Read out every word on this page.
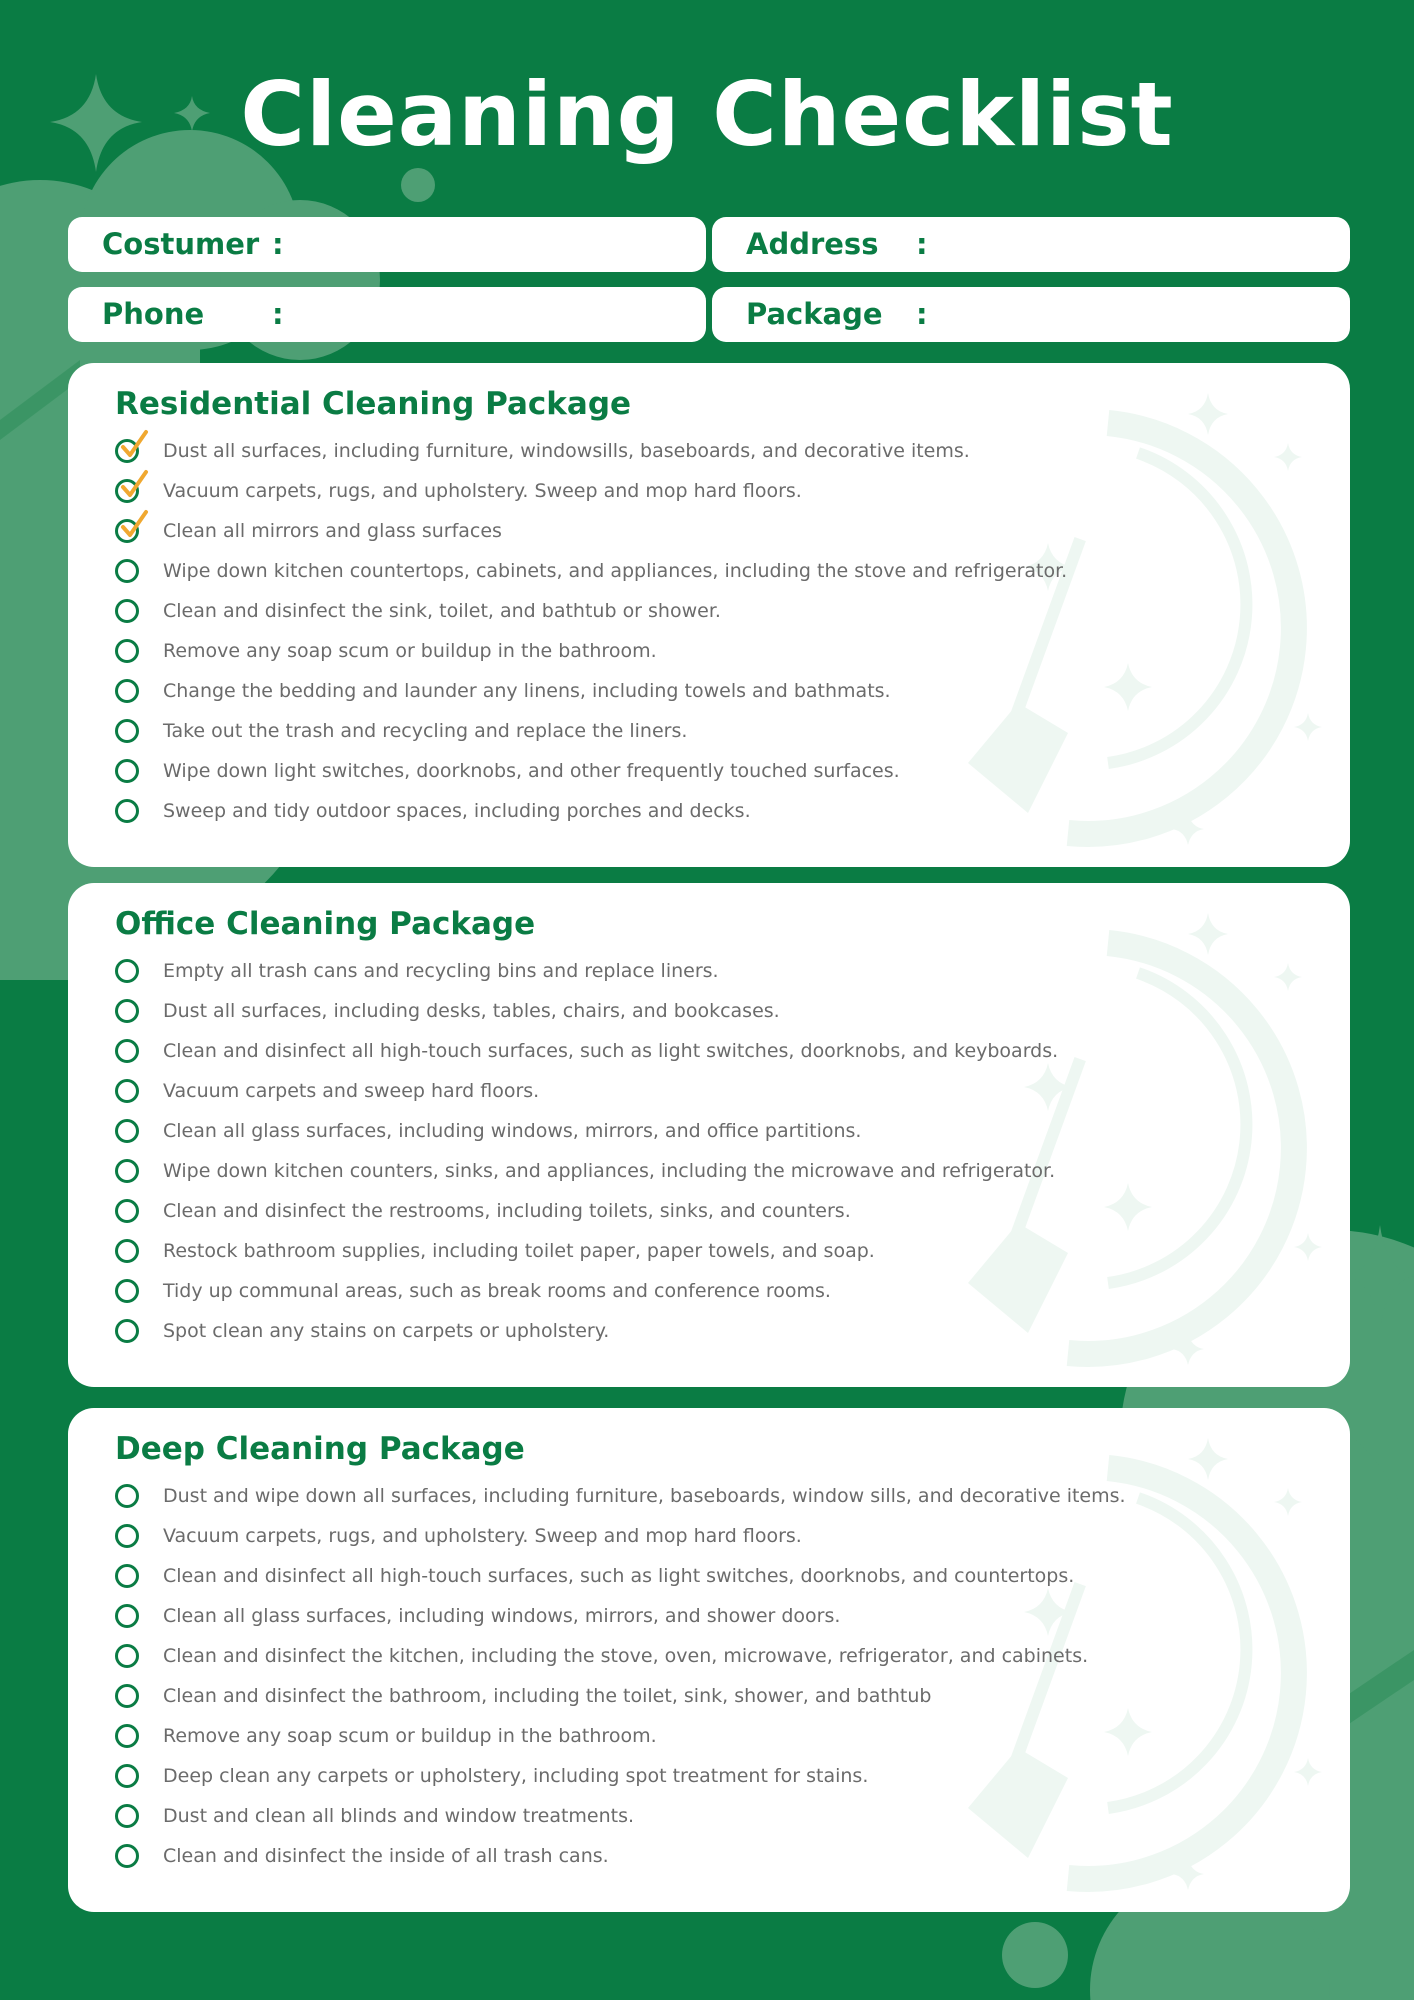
Cleaning Checklist
Costumer :	Address :
Phone :	Package :
Residential Cleaning Package
Dust all surfaces, including furniture, windowsills, baseboards, and decorative items.
Vacuum carpets, rugs, and upholstery. Sweep and mop hard floors.
Clean all mirrors and glass surfaces
Wipe down kitchen countertops, cabinets, and appliances, including the stove and refrigerator.
Clean and disinfect the sink, toilet, and bathtub or shower.
Remove any soap scum or buildup in the bathroom.
Change the bedding and launder any linens, including towels and bathmats.
Take out the trash and recycling and replace the liners.
Wipe down light switches, doorknobs, and other frequently touched surfaces.
Sweep and tidy outdoor spaces, including porches and decks.
Office Cleaning Package
Empty all trash cans and recycling bins and replace liners.
Dust all surfaces, including desks, tables, chairs, and bookcases.
Clean and disinfect all high-touch surfaces, such as light switches, doorknobs, and keyboards.
Vacuum carpets and sweep hard floors.
Clean all glass surfaces, including windows, mirrors, and office partitions.
Wipe down kitchen counters, sinks, and appliances, including the microwave and refrigerator.
Clean and disinfect the restrooms, including toilets, sinks, and counters.
Restock bathroom supplies, including toilet paper, paper towels, and soap.
Tidy up communal areas, such as break rooms and conference rooms.
Spot clean any stains on carpets or upholstery.
Deep Cleaning Package
Dust and wipe down all surfaces, including furniture, baseboards, window sills, and decorative items.
Vacuum carpets, rugs, and upholstery. Sweep and mop hard floors.
Clean and disinfect all high-touch surfaces, such as light switches, doorknobs, and countertops.
Clean all glass surfaces, including windows, mirrors, and shower doors.
Clean and disinfect the kitchen, including the stove, oven, microwave, refrigerator, and cabinets.
Clean and disinfect the bathroom, including the toilet, sink, shower, and bathtub
Remove any soap scum or buildup in the bathroom.
Deep clean any carpets or upholstery, including spot treatment for stains.
Dust and clean all blinds and window treatments.
Clean and disinfect the inside of all trash cans.
